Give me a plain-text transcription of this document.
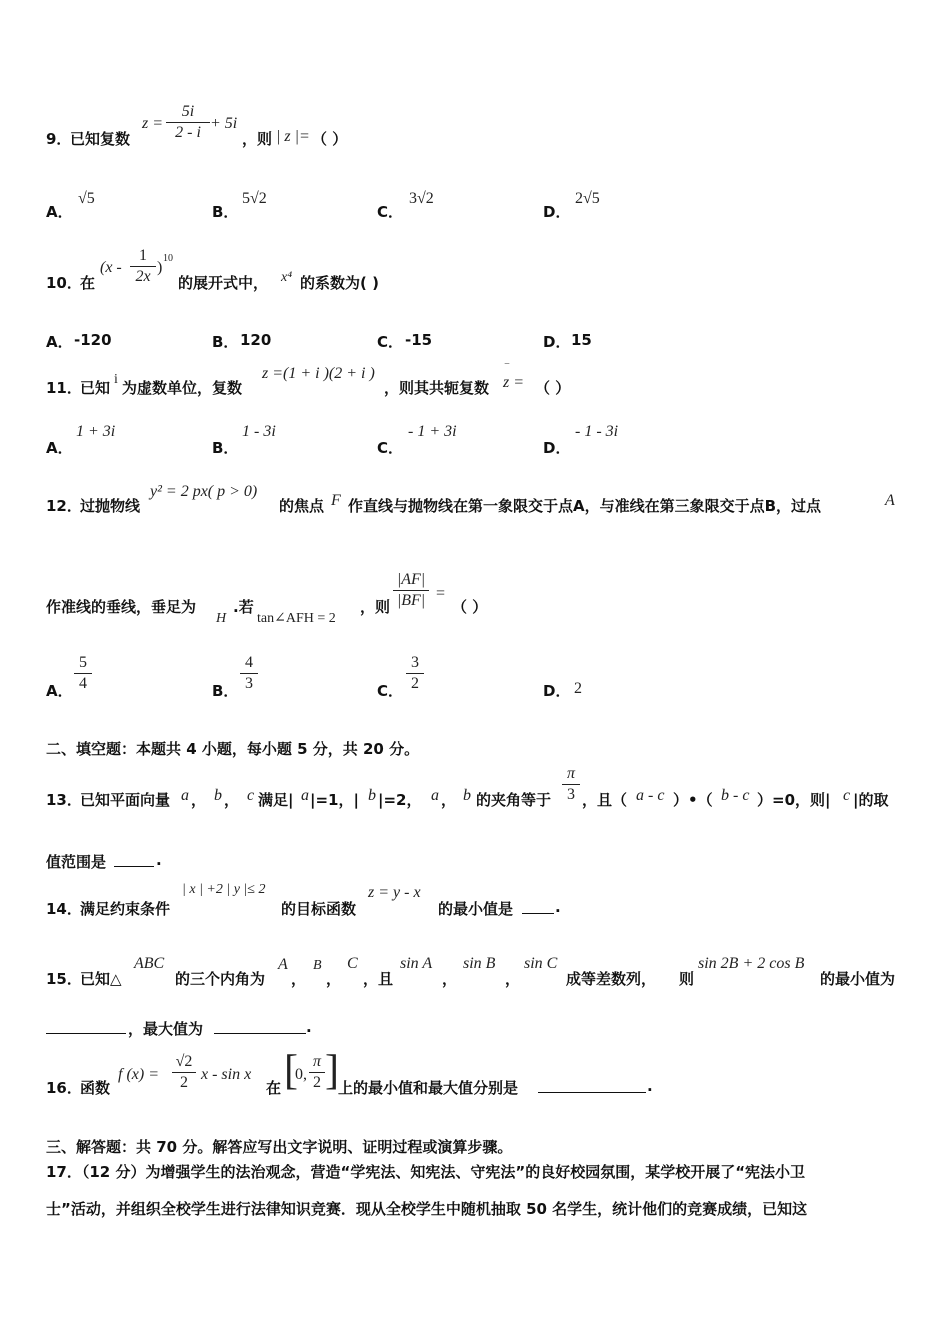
9．
已知复数
$z = \frac{5i}{2 - i} + 5i$
，则 | z |= （ ）
A．
√5
B．
5√2
C．
3√2
D．
2√5
10．
在
($x - \frac{1}{2x}$ )
10
的展开式中， x⁴ 的系数为( )
A． -120	B． 120	C． -15	D． 15
11．
已知 i 为虚数单位，复数
z =(1 + i )(2 + i )
，则其共轭复数 z =
‾
（ ）
A．
1 + 3i
B．
1 - 3i
C．
- 1 + 3i
D．
- 1 - 3i
12．
过抛物线
y² = 2 px( p > 0)
的焦点 F 作直线与抛物线在第一象限交于点A，与准线在第三象限交于点B，过点	A
作准线的垂线，垂足为
H
.若
tan∠AFH = 2
，则 $\frac{|AF|}{|BF|}$ =
（ ）
A． $\frac{5}{4}$	B． $\frac{4}{3}$	C． $\frac{3}{2}$	D． 2
二、填空题：本题共 4 小题，每小题 5 分，共 20 分。
13．
已知平面向量 a ， b ， c 满足| a |=1，| b |=2， a ， b 的夹角等于 $\frac{\pi}{3}$ ，且（ a - c ）•（ b - c ）=0，则| c |的取
值范围是	.
14．
满足约束条件
| x | +2 | y |≤ 2
的目标函数
z = y - x
的最小值是	.
15．
已知△
ABC
的三个内角为
A
，
B
，
C
，且
sin A
，
sin B
，
sin C
成等差数列， 则
sin 2B + 2 cos B
的最小值为
，最大值为	.
16．
函数
f $(x) = \frac{√2}{2}$ x - sin x
在 [
0, $\frac{\pi}{2}$ ] 上的最小值和最大值分别是	.
三、解答题：共 70 分。解答应写出文字说明、证明过程或演算步骤。
17．（12 分）为增强学生的法治观念，营造“学宪法、知宪法、守宪法”的良好校园氛围，某学校开展了“宪法小卫
士”活动，并组织全校学生进行法律知识竞赛．现从全校学生中随机抽取 50 名学生，统计他们的竞赛成绩，已知这
